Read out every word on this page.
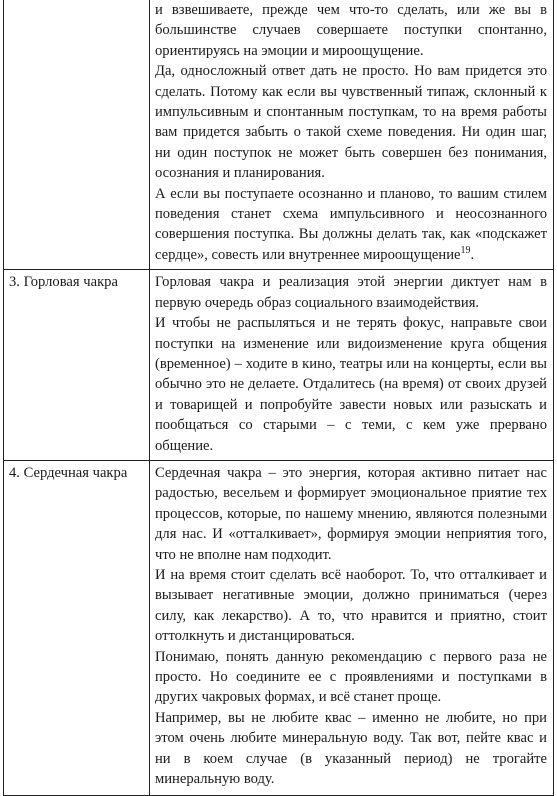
	и взвешиваете, прежде чем что-то сделать, или же вы в большинстве случаев совершаете поступки спонтанно, ориентируясь на эмоции и мироощущение.

Да, односложный ответ дать не просто. Но вам придется это сделать. Потому как если вы чувственный типаж, склонный к импульсивным и спонтанным поступкам, то на время работы вам придется забыть о такой схеме поведения. Ни один шаг, ни один поступок не может быть совершен без понимания, осознания и планирования.

А если вы поступаете осознанно и планово, то вашим стилем поведения станет схема импульсивного и неосознанного совершения поступка. Вы должны делать так, как «подскажет сердце», совесть или внутреннее мироощущение$^{19}$.

3. Горловая чакра	Горловая чакра и реализация этой энергии диктует нам в первую очередь образ социального взаимодействия.

И чтобы не распыляться и не терять фокус, направьте свои поступки на изменение или видоизменение круга общения (временное) – ходите в кино, театры или на концерты, если вы обычно это не делаете. Отдалитесь (на время) от своих друзей и товарищей и попробуйте завести новых или разыскать и пообщаться со старыми – с теми, с кем уже прервано общение.

4. Сердечная чакра	Сердечная чакра – это энергия, которая активно питает нас радостью, весельем и формирует эмоциональное приятие тех процессов, которые, по нашему мнению, являются полезными для нас. И «отталкивает», формируя эмоции неприятия того, что не вполне нам подходит.

И на время стоит сделать всё наоборот. То, что отталкивает и вызывает негативные эмоции, должно приниматься (через силу, как лекарство). А то, что нравится и приятно, стоит оттолкнуть и дистанцироваться.

Понимаю, понять данную рекомендацию с первого раза не просто. Но соедините ее с проявлениями и поступками в других чакровых формах, и всё станет проще.

Например, вы не любите квас – именно не любите, но при этом очень любите минеральную воду. Так вот, пейте квас и ни в коем случае (в указанный период) не трогайте минеральную воду.
